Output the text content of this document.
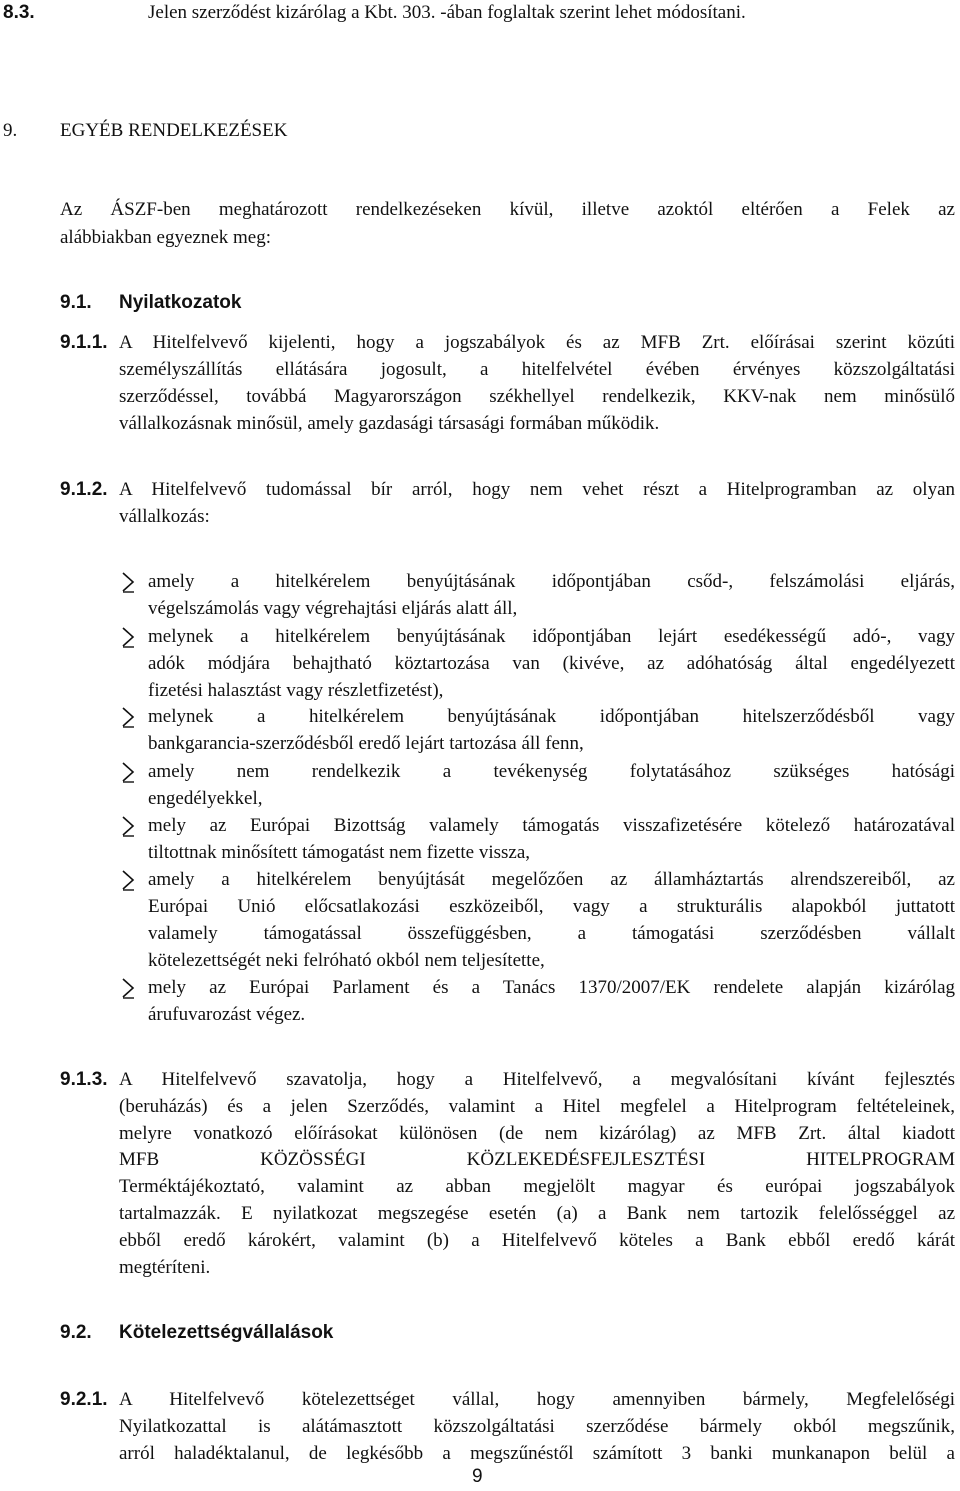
8.3.	Jelen szerződést kizárólag a Kbt. 303. -ában foglaltak szerint lehet módosítani.
9. EGYÉB RENDELKEZÉSEK
Az ÁSZF-ben meghatározott rendelkezéseken kívül, illetve azoktól eltérően a Felek az
alábbiakban egyeznek meg:
9.1. Nyilatkozatok
9.1.1. A Hitelfelvevő kijelenti, hogy a jogszabályok és az MFB Zrt. előírásai szerint közúti
személyszállítás ellátására jogosult, a hitelfelvétel évében érvényes közszolgáltatási
szerződéssel, továbbá Magyarországon székhellyel rendelkezik, KKV-nak nem minősülő
vállalkozásnak minősül, amely gazdasági társasági formában működik.
9.1.2. A Hitelfelvevő tudomással bír arról, hogy nem vehet részt a Hitelprogramban az olyan
vállalkozás:
amely a hitelkérelem benyújtásának időpontjában csőd-, felszámolási eljárás,
végelszámolás vagy végrehajtási eljárás alatt áll,
melynek a hitelkérelem benyújtásának időpontjában lejárt esedékességű adó-, vagy
adók módjára behajtható köztartozása van (kivéve, az adóhatóság által engedélyezett
fizetési halasztást vagy részletfizetést),
melynek a hitelkérelem benyújtásának időpontjában hitelszerződésből vagy
bankgarancia-szerződésből eredő lejárt tartozása áll fenn,
amely nem rendelkezik a tevékenység folytatásához szükséges hatósági
engedélyekkel,
mely az Európai Bizottság valamely támogatás visszafizetésére kötelező határozatával
tiltottnak minősített támogatást nem fizette vissza,
amely a hitelkérelem benyújtását megelőzően az államháztartás alrendszereiből, az
Európai Unió előcsatlakozási eszközeiből, vagy a strukturális alapokból juttatott
valamely támogatással összefüggésben, a támogatási szerződésben vállalt
kötelezettségét neki felróható okból nem teljesítette,
mely az Európai Parlament és a Tanács 1370/2007/EK rendelete alapján kizárólag
árufuvarozást végez.
9.1.3. A Hitelfelvevő szavatolja, hogy a Hitelfelvevő, a megvalósítani kívánt fejlesztés
(beruházás) és a jelen Szerződés, valamint a Hitel megfelel a Hitelprogram feltételeinek,
melyre vonatkozó előírásokat különösen (de nem kizárólag) az MFB Zrt. által kiadott
MFB KÖZÖSSÉGI KÖZLEKEDÉSFEJLESZTÉSI HITELPROGRAM
Terméktájékoztató, valamint az abban megjelölt magyar és európai jogszabályok
tartalmazzák. E nyilatkozat megszegése esetén (a) a Bank nem tartozik felelősséggel az
ebből eredő károkért, valamint (b) a Hitelfelvevő köteles a Bank ebből eredő kárát
megtéríteni.
9.2. Kötelezettségvállalások
9.2.1. A Hitelfelvevő kötelezettséget vállal, hogy amennyiben bármely, Megfelelőségi
Nyilatkozattal is alátámasztott közszolgáltatási szerződése bármely okból megszűnik,
arról haladéktalanul, de legkésőbb a megszűnéstől számított 3 banki munkanapon belül a
9
